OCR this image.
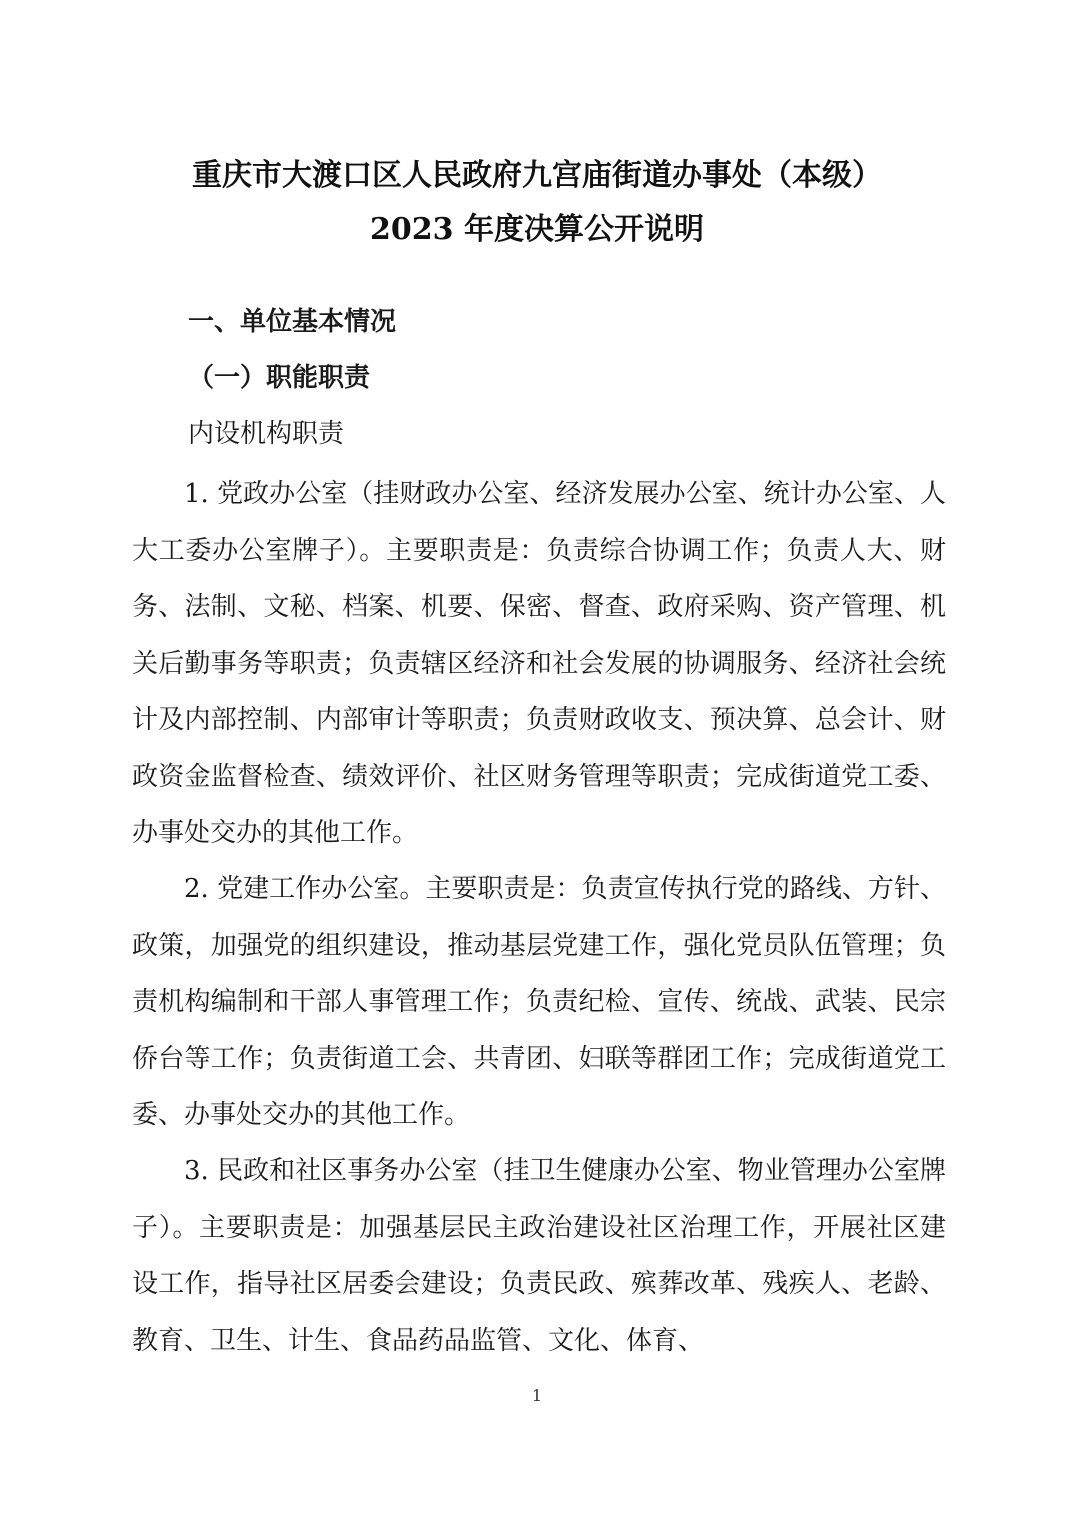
重庆市大渡口区人民政府九宫庙街道办事处（本级）
2023 年度决算公开说明
一、单位基本情况
（一）职能职责
内设机构职责

1. 党政办公室（挂财政办公室、经济发展办公室、统计办公室、人大工委办公室牌子）。主要职责是：负责综合协调工作；负责人大、财务、法制、文秘、档案、机要、保密、督查、政府采购、资产管理、机关后勤事务等职责；负责辖区经济和社会发展的协调服务、经济社会统计及内部控制、内部审计等职责；负责财政收支、预决算、总会计、财政资金监督检查、绩效评价、社区财务管理等职责；完成街道党工委、办事处交办的其他工作。

2. 党建工作办公室。主要职责是：负责宣传执行党的路线、方针、政策，加强党的组织建设，推动基层党建工作，强化党员队伍管理；负责机构编制和干部人事管理工作；负责纪检、宣传、统战、武装、民宗侨台等工作；负责街道工会、共青团、妇联等群团工作；完成街道党工委、办事处交办的其他工作。

3. 民政和社区事务办公室（挂卫生健康办公室、物业管理办公室牌子）。主要职责是：加强基层民主政治建设社区治理工作，开展社区建设工作，指导社区居委会建设；负责民政、殡葬改革、残疾人、老龄、教育、卫生、计生、食品药品监管、文化、体育、

1
